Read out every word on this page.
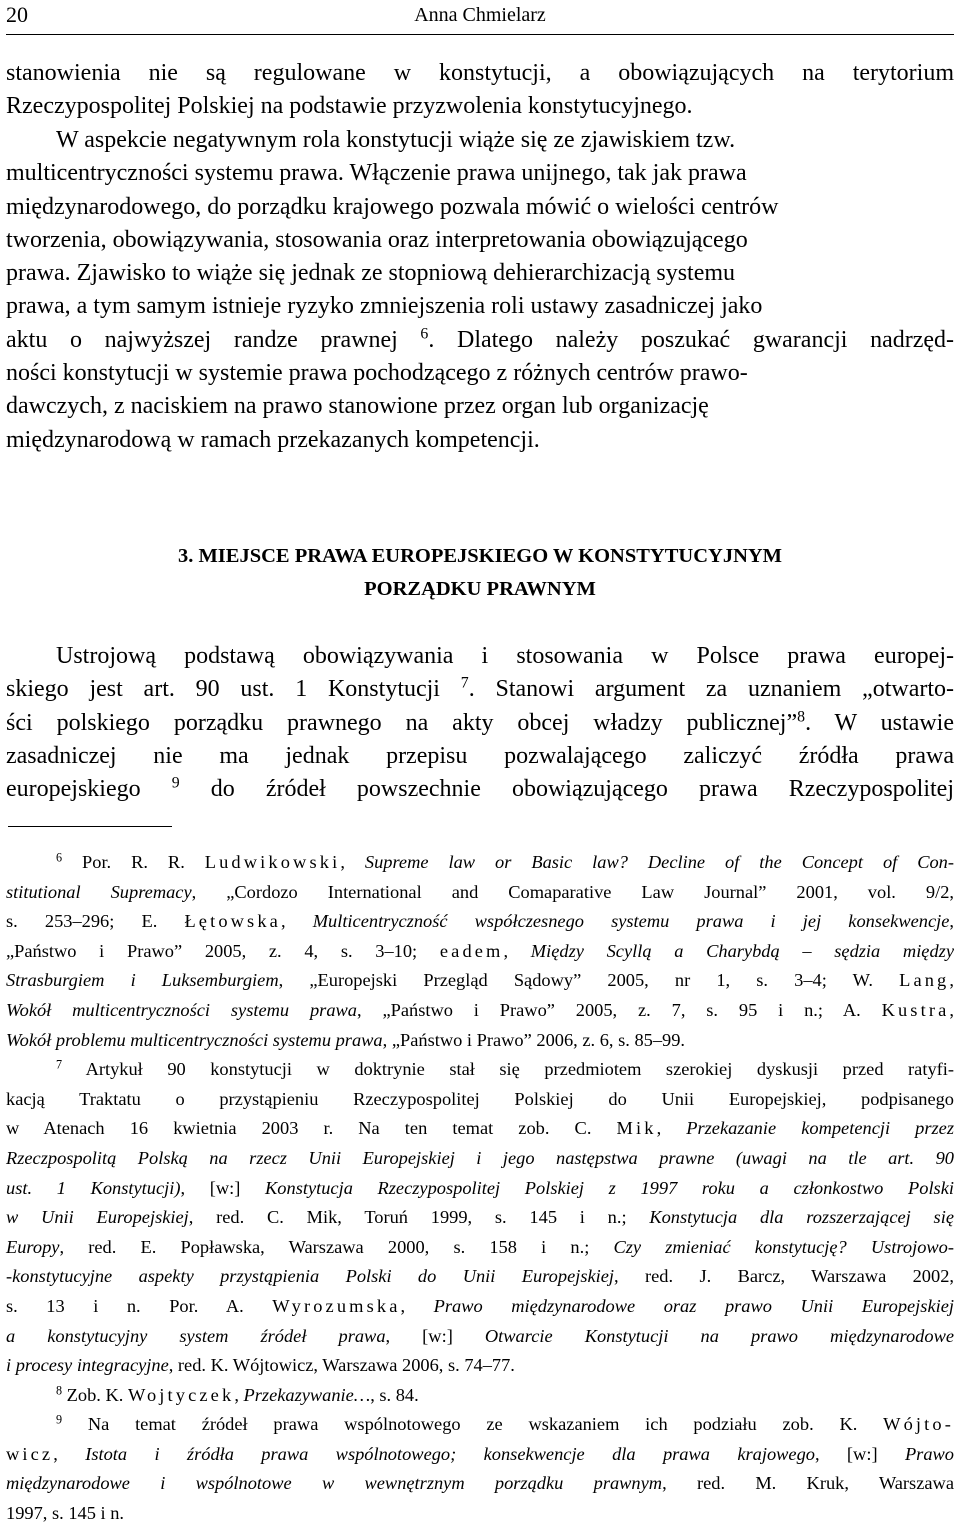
20	Anna Chmielarz
stanowienia nie są regulowane w konstytucji, a obowiązujących na terytorium
Rzeczypospolitej Polskiej na podstawie przyzwolenia konstytucyjnego.
W aspekcie negatywnym rola konstytucji wiąże się ze zjawiskiem tzw.
multicentryczności systemu prawa. Włączenie prawa unijnego, tak jak prawa
międzynarodowego, do porządku krajowego pozwala mówić o wielości centrów
tworzenia, obowiązywania, stosowania oraz interpretowania obowiązującego
prawa. Zjawisko to wiąże się jednak ze stopniową dehierarchizacją systemu
prawa, a tym samym istnieje ryzyko zmniejszenia roli ustawy zasadniczej jako
aktu o najwyższej randze prawnej $^6$. Dlatego należy poszukać gwarancji nadrzęd-
ności konstytucji w systemie prawa pochodzącego z różnych centrów prawo-
dawczych, z naciskiem na prawo stanowione przez organ lub organizację
międzynarodową w ramach przekazanych kompetencji.
3. MIEJSCE PRAWA EUROPEJSKIEGO W KONSTYTUCYJNYM
PORZĄDKU PRAWNYM
Ustrojową podstawą obowiązywania i stosowania w Polsce prawa europej-
skiego jest art. 90 ust. 1 Konstytucji $^7$. Stanowi argument za uznaniem „otwarto-
ści polskiego porządku prawnego na akty obcej władzy publicznej”$^8$. W ustawie
zasadniczej nie ma jednak przepisu pozwalającego zaliczyć źródła prawa
europejskiego $^9$ do źródeł powszechnie obowiązującego prawa Rzeczypospolitej
$^6$ Por. R. R. Ludwikowski, Supreme law or Basic law? Decline of the Concept of Con-
stitutional Supremacy, „Cordozo International and Comaparative Law Journal” 2001, vol. 9/2,
s. 253–296; E. Łętowska, Multicentryczność współczesnego systemu prawa i jej konsekwencje,
„Państwo i Prawo” 2005, z. 4, s. 3–10; eadem, Między Scyllą a Charybdą – sędzia między
Strasburgiem i Luksemburgiem, „Europejski Przegląd Sądowy” 2005, nr 1, s. 3–4; W. Lang,
Wokół multicentryczności systemu prawa, „Państwo i Prawo” 2005, z. 7, s. 95 i n.; A. Kustra,
Wokół problemu multicentryczności systemu prawa, „Państwo i Prawo” 2006, z. 6, s. 85–99.
$^7$ Artykuł 90 konstytucji w doktrynie stał się przedmiotem szerokiej dyskusji przed ratyfi-
kacją Traktatu o przystąpieniu Rzeczypospolitej Polskiej do Unii Europejskiej, podpisanego
w Atenach 16 kwietnia 2003 r. Na ten temat zob. C. Mik, Przekazanie kompetencji przez
Rzeczpospolitą Polską na rzecz Unii Europejskiej i jego następstwa prawne (uwagi na tle art. 90
ust. 1 Konstytucji), [w:] Konstytucja Rzeczypospolitej Polskiej z 1997 roku a członkostwo Polski
w Unii Europejskiej, red. C. Mik, Toruń 1999, s. 145 i n.; Konstytucja dla rozszerzającej się
Europy, red. E. Popławska, Warszawa 2000, s. 158 i n.; Czy zmieniać konstytucję? Ustrojowo-
-konstytucyjne aspekty przystąpienia Polski do Unii Europejskiej, red. J. Barcz, Warszawa 2002,
s. 13 i n. Por. A. Wyrozumska, Prawo międzynarodowe oraz prawo Unii Europejskiej
a konstytucyjny system źródeł prawa, [w:] Otwarcie Konstytucji na prawo międzynarodowe
i procesy integracyjne, red. K. Wójtowicz, Warszawa 2006, s. 74–77.
$^8$ Zob. K. Wojtyczek, Przekazywanie…, s. 84.
$^9$ Na temat źródeł prawa wspólnotowego ze wskazaniem ich podziału zob. K. Wójto-
wicz, Istota i źródła prawa wspólnotowego; konsekwencje dla prawa krajowego, [w:] Prawo
międzynarodowe i wspólnotowe w wewnętrznym porządku prawnym, red. M. Kruk, Warszawa
1997, s. 145 i n.
